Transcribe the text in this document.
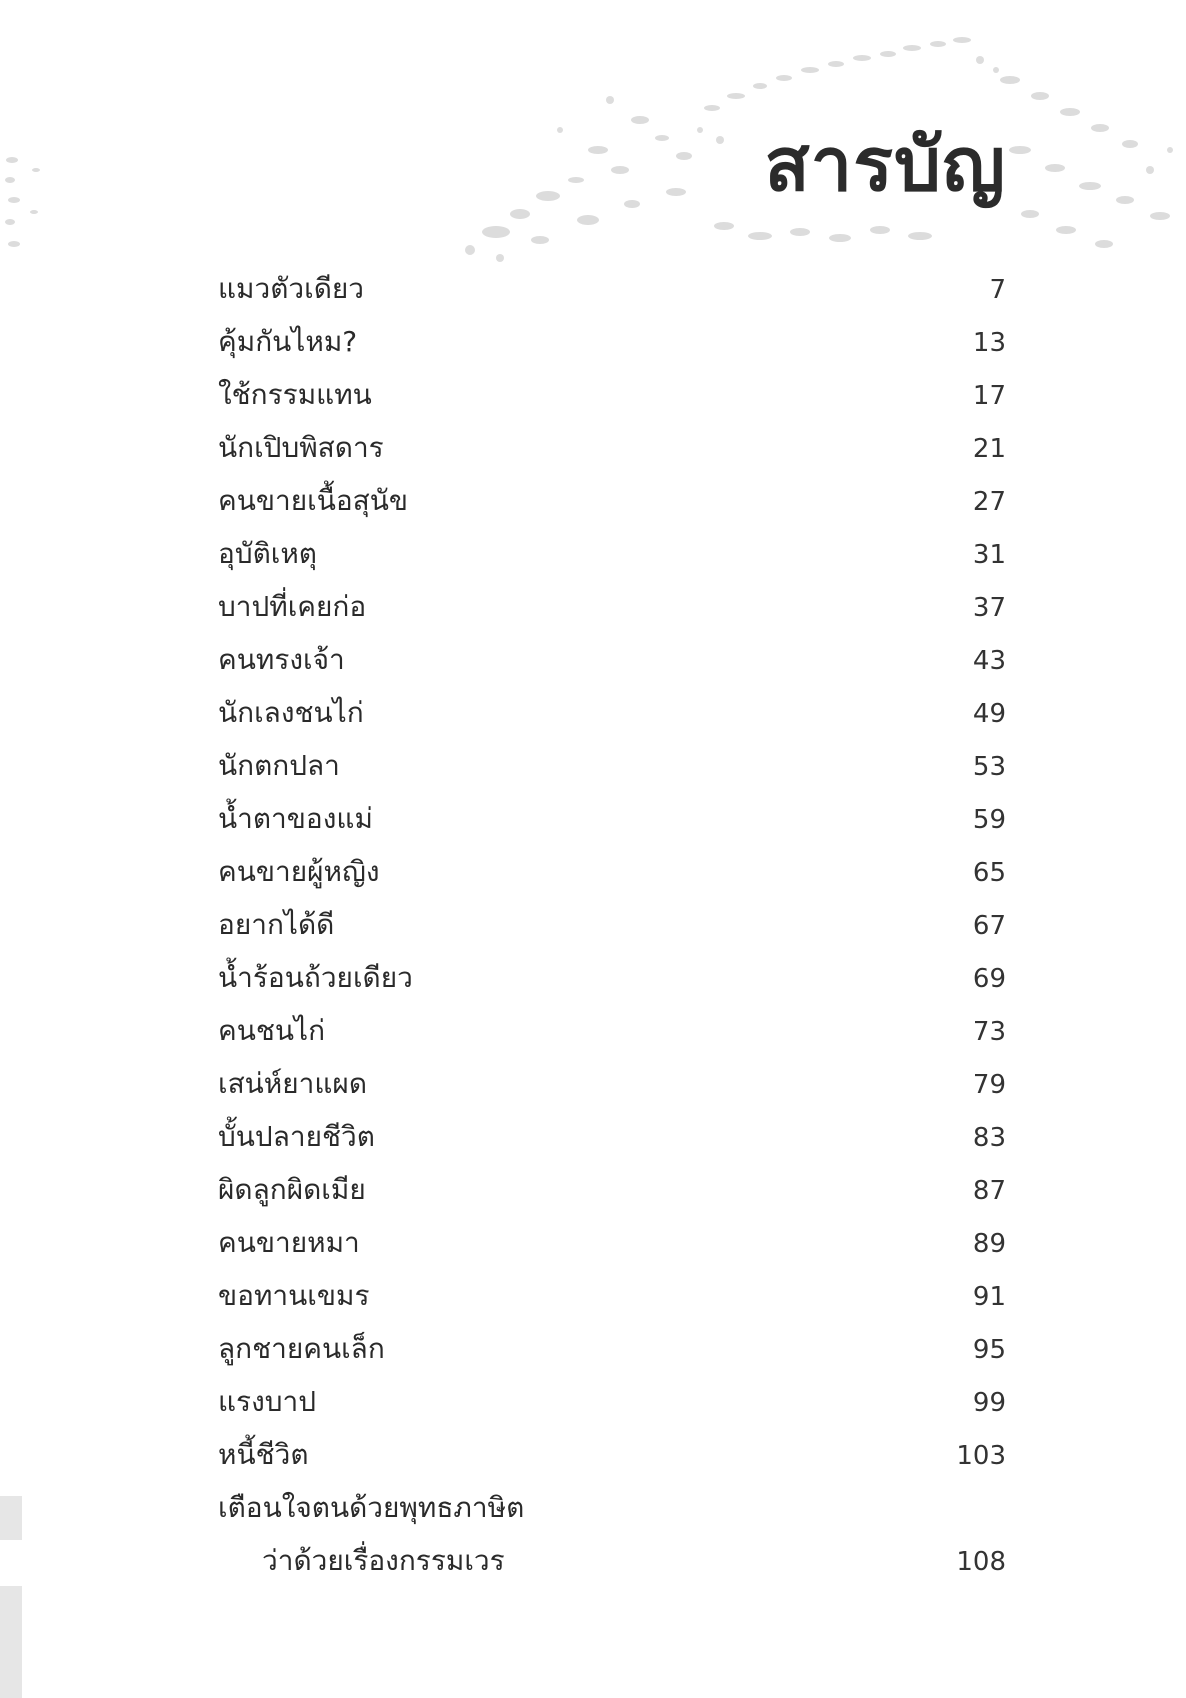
สารบัญ
แมวตัวเดียว	7
คุ้มกันไหม?	13
ใช้กรรมแทน	17
นักเปิบพิสดาร	21
คนขายเนื้อสุนัข	27
อุบัติเหตุ	31
บาปที่เคยก่อ	37
คนทรงเจ้า	43
นักเลงชนไก่	49
นักตกปลา	53
น้ำตาของแม่	59
คนขายผู้หญิง	65
อยากได้ดี	67
น้ำร้อนถ้วยเดียว	69
คนชนไก่	73
เสน่ห์ยาแผด	79
บั้นปลายชีวิต	83
ผิดลูกผิดเมีย	87
คนขายหมา	89
ขอทานเขมร	91
ลูกชายคนเล็ก	95
แรงบาป	99
หนี้ชีวิต	103
เตือนใจตนด้วยพุทธภาษิต
ว่าด้วยเรื่องกรรมเวร	108
